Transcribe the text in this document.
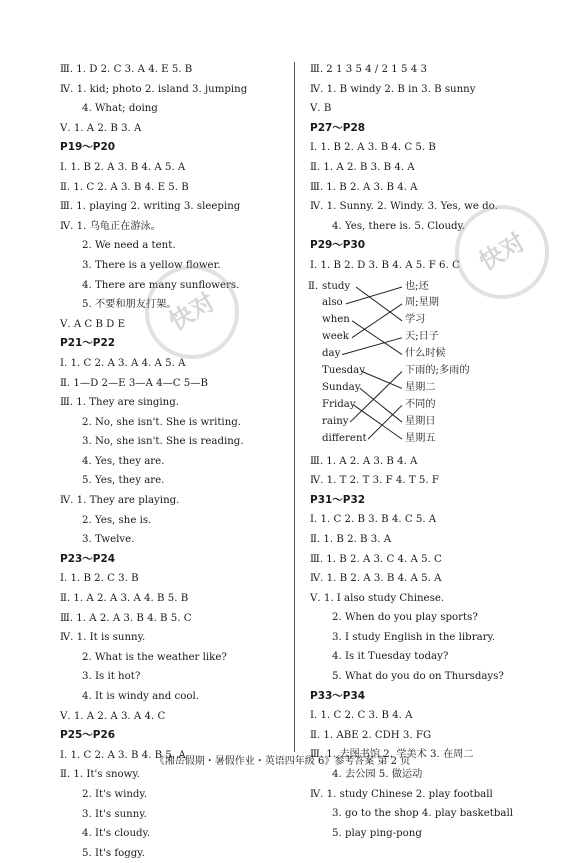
Ⅲ. 1. D 2. C 3. A 4. E 5. B
Ⅳ. 1. kid; photo 2. island 3. jumping
4. What; doing
Ⅴ. 1. A 2. B 3. A
P19～P20
Ⅰ. 1. B 2. A 3. B 4. A 5. A
Ⅱ. 1. C 2. A 3. B 4. E 5. B
Ⅲ. 1. playing 2. writing 3. sleeping
Ⅳ. 1. 乌龟正在游泳。
2. We need a tent.
3. There is a yellow flower.
4. There are many sunflowers.
5. 不要和朋友打架。
Ⅴ. A C B D E
P21～P22
Ⅰ. 1. C 2. A 3. A 4. A 5. A
Ⅱ. 1—D 2—E 3—A 4—C 5—B
Ⅲ. 1. They are singing.
2. No, she isn't. She is writing.
3. No, she isn't. She is reading.
4. Yes, they are.
5. Yes, they are.
Ⅳ. 1. They are playing.
2. Yes, she is.
3. Twelve.
P23～P24
Ⅰ. 1. B 2. C 3. B
Ⅱ. 1. A 2. A 3. A 4. B 5. B
Ⅲ. 1. A 2. A 3. B 4. B 5. C
Ⅳ. 1. It is sunny.
2. What is the weather like?
3. Is it hot?
4. It is windy and cool.
Ⅴ. 1. A 2. A 3. A 4. C
P25～P26
Ⅰ. 1. C 2. A 3. B 4. B 5. A
Ⅱ. 1. It's snowy.
2. It's windy.
3. It's sunny.
4. It's cloudy.
5. It's foggy.
Ⅲ. 2 1 3 5 4 / 2 1 5 4 3
Ⅳ. 1. B windy 2. B in 3. B sunny
Ⅴ. B
P27～P28
Ⅰ. 1. B 2. A 3. B 4. C 5. B
Ⅱ. 1. A 2. B 3. B 4. A
Ⅲ. 1. B 2. A 3. B 4. A
Ⅳ. 1. Sunny. 2. Windy. 3. Yes, we do.
4. Yes, there is. 5. Cloudy.
P29～P30
Ⅰ. 1. B 2. D 3. B 4. A 5. F 6. C
Ⅱ. study
also
when
week
day
Tuesday
Sunday
Friday
rainy
different
也;还
周;星期
学习
天;日子
什么时候
下雨的;多雨的
星期二
不同的
星期日
星期五
Ⅲ. 1. A 2. A 3. B 4. A
Ⅳ. 1. T 2. T 3. F 4. T 5. F
P31～P32
Ⅰ. 1. C 2. B 3. B 4. C 5. A
Ⅱ. 1. B 2. B 3. A
Ⅲ. 1. B 2. A 3. C 4. A 5. C
Ⅳ. 1. B 2. A 3. B 4. A 5. A
Ⅴ. 1. I also study Chinese.
2. When do you play sports?
3. I study English in the library.
4. Is it Tuesday today?
5. What do you do on Thursdays?
P33～P34
Ⅰ. 1. C 2. C 3. B 4. A
Ⅱ. 1. ABE 2. CDH 3. FG
Ⅲ. 1. 去图书馆 2. 学美术 3. 在周二
4. 去公园 5. 做运动
Ⅳ. 1. study Chinese 2. play football
3. go to the shop 4. play basketball
5. play ping-pong
快对
快对
《湘岳假期・暑假作业・英语四年级 6》参考答案 第 2 页
